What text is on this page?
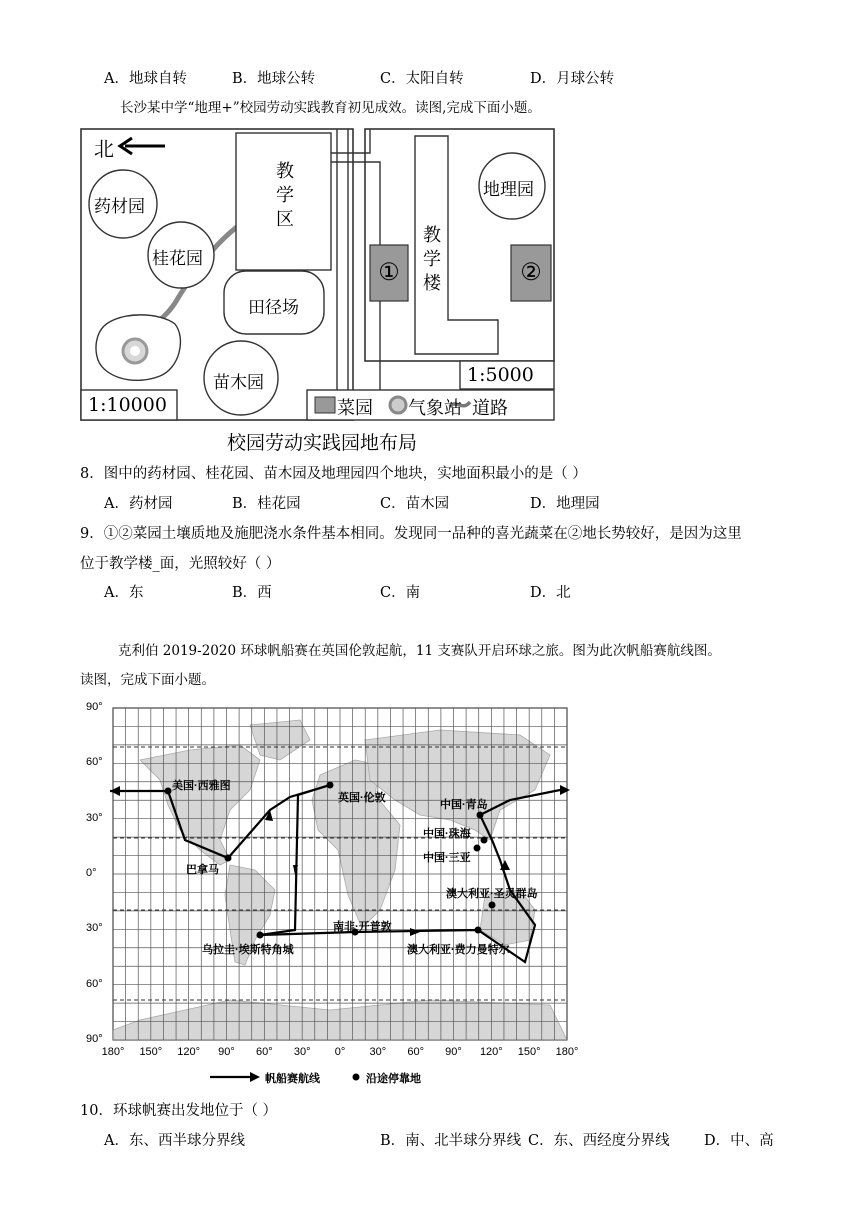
A．地球自转	B．地球公转	C．太阳自转	D．月球公转
长沙某中学“地理+”校园劳动实践教育初见成效。读图,完成下面小题。
北
教
学
区
药材园
桂花园
田径场
苗木园
地理园
教
学
楼
①	②
1:10000
1:5000
菜园 气象站 道路
校园劳动实践园地布局
8．图中的药材园、桂花园、苗木园及地理园四个地块，实地面积最小的是（ ）
A．药材园	B．桂花园	C．苗木园	D．地理园
9．①②菜园土壤质地及施肥浇水条件基本相同。发现同一品种的喜光蔬菜在②地长势较好，是因为这里
位于教学楼_面，光照较好（ ）
A．东	B．西	C．南	D．北
克利伯 2019-2020 环球帆船赛在英国伦敦起航，11 支赛队开启环球之旅。图为此次帆船赛航线图。
读图，完成下面小题。
90°
60°
30°
0°
30°
60°
90°
180°	150°	120°	90°	60°	30°	0°	30°	60°	90°	120°	150°	180°
美国·西雅图
巴拿马
英国·伦敦
中国·青岛
中国·珠海
中国·三亚
澳大利亚·圣灵群岛
乌拉圭·埃斯特角城
南非·开普敦
澳大利亚·费力曼特尔
帆船赛航线	沿途停靠地
10．环球帆赛出发地位于（ ）
A．东、西半球分界线	B．南、北半球分界线 C．东、西经度分界线 D．中、高
